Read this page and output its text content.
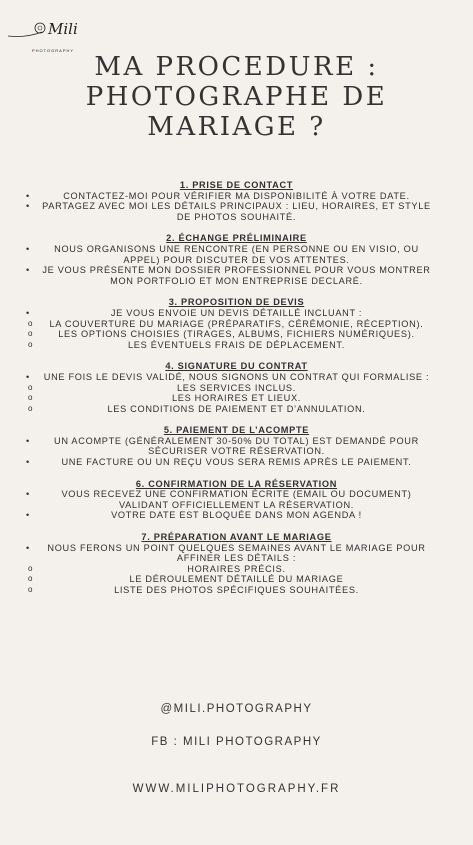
Mili
PHOTOGRAPHY
MA PROCEDURE :
PHOTOGRAPHE DE
MARIAGE ?
1. PRISE DE CONTACT
• CONTACTEZ-MOI POUR VÉRIFIER MA DISPONIBILITÉ À VOTRE DATE.
• PARTAGEZ AVEC MOI LES DÉTAILS PRINCIPAUX : LIEU, HORAIRES, ET STYLE DE PHOTOS SOUHAITÉ.
2. ÉCHANGE PRÉLIMINAIRE
• NOUS ORGANISONS UNE RENCONTRE (EN PERSONNE OU EN VISIO, OU APPEL) POUR DISCUTER DE VOS ATTENTES.
• JE VOUS PRÉSENTE MON DOSSIER PROFESSIONNEL POUR VOUS MONTRER MON PORTFOLIO ET MON ENTREPRISE DECLARÉ.
3. PROPOSITION DE DEVIS
• JE VOUS ENVOIE UN DEVIS DÉTAILLÉ INCLUANT :
O LA COUVERTURE DU MARIAGE (PRÉPARATIFS, CÉRÉMONIE, RÉCEPTION).
O LES OPTIONS CHOISIES (TIRAGES, ALBUMS, FICHIERS NUMÉRIQUES).
O LES ÉVENTUELS FRAIS DE DÉPLACEMENT.
4. SIGNATURE DU CONTRAT
• UNE FOIS LE DEVIS VALIDÉ, NOUS SIGNONS UN CONTRAT QUI FORMALISE :
O LES SERVICES INCLUS.
O LES HORAIRES ET LIEUX.
O LES CONDITIONS DE PAIEMENT ET D’ANNULATION.
5. PAIEMENT DE L’ACOMPTE
• UN ACOMPTE (GÉNÉRALEMENT 30-50% DU TOTAL) EST DEMANDÉ POUR SÉCURISER VOTRE RÉSERVATION.
• UNE FACTURE OU UN REÇU VOUS SERA REMIS APRÈS LE PAIEMENT.
6. CONFIRMATION DE LA RÉSERVATION
• VOUS RECEVEZ UNE CONFIRMATION ÉCRITE (EMAIL OU DOCUMENT) VALIDANT OFFICIELLEMENT LA RÉSERVATION.
• VOTRE DATE EST BLOQUÉE DANS MON AGENDA !
7. PRÉPARATION AVANT LE MARIAGE
• NOUS FERONS UN POINT QUELQUES SEMAINES AVANT LE MARIAGE POUR AFFINER LES DÉTAILS :
O HORAIRES PRÉCIS.
O LE DÉROULEMENT DÉTAILLÉ DU MARIAGE
O LISTE DES PHOTOS SPÉCIFIQUES SOUHAITÉES.
@MILI.PHOTOGRAPHY
FB : MILI PHOTOGRAPHY
WWW.MILIPHOTOGRAPHY.FR
